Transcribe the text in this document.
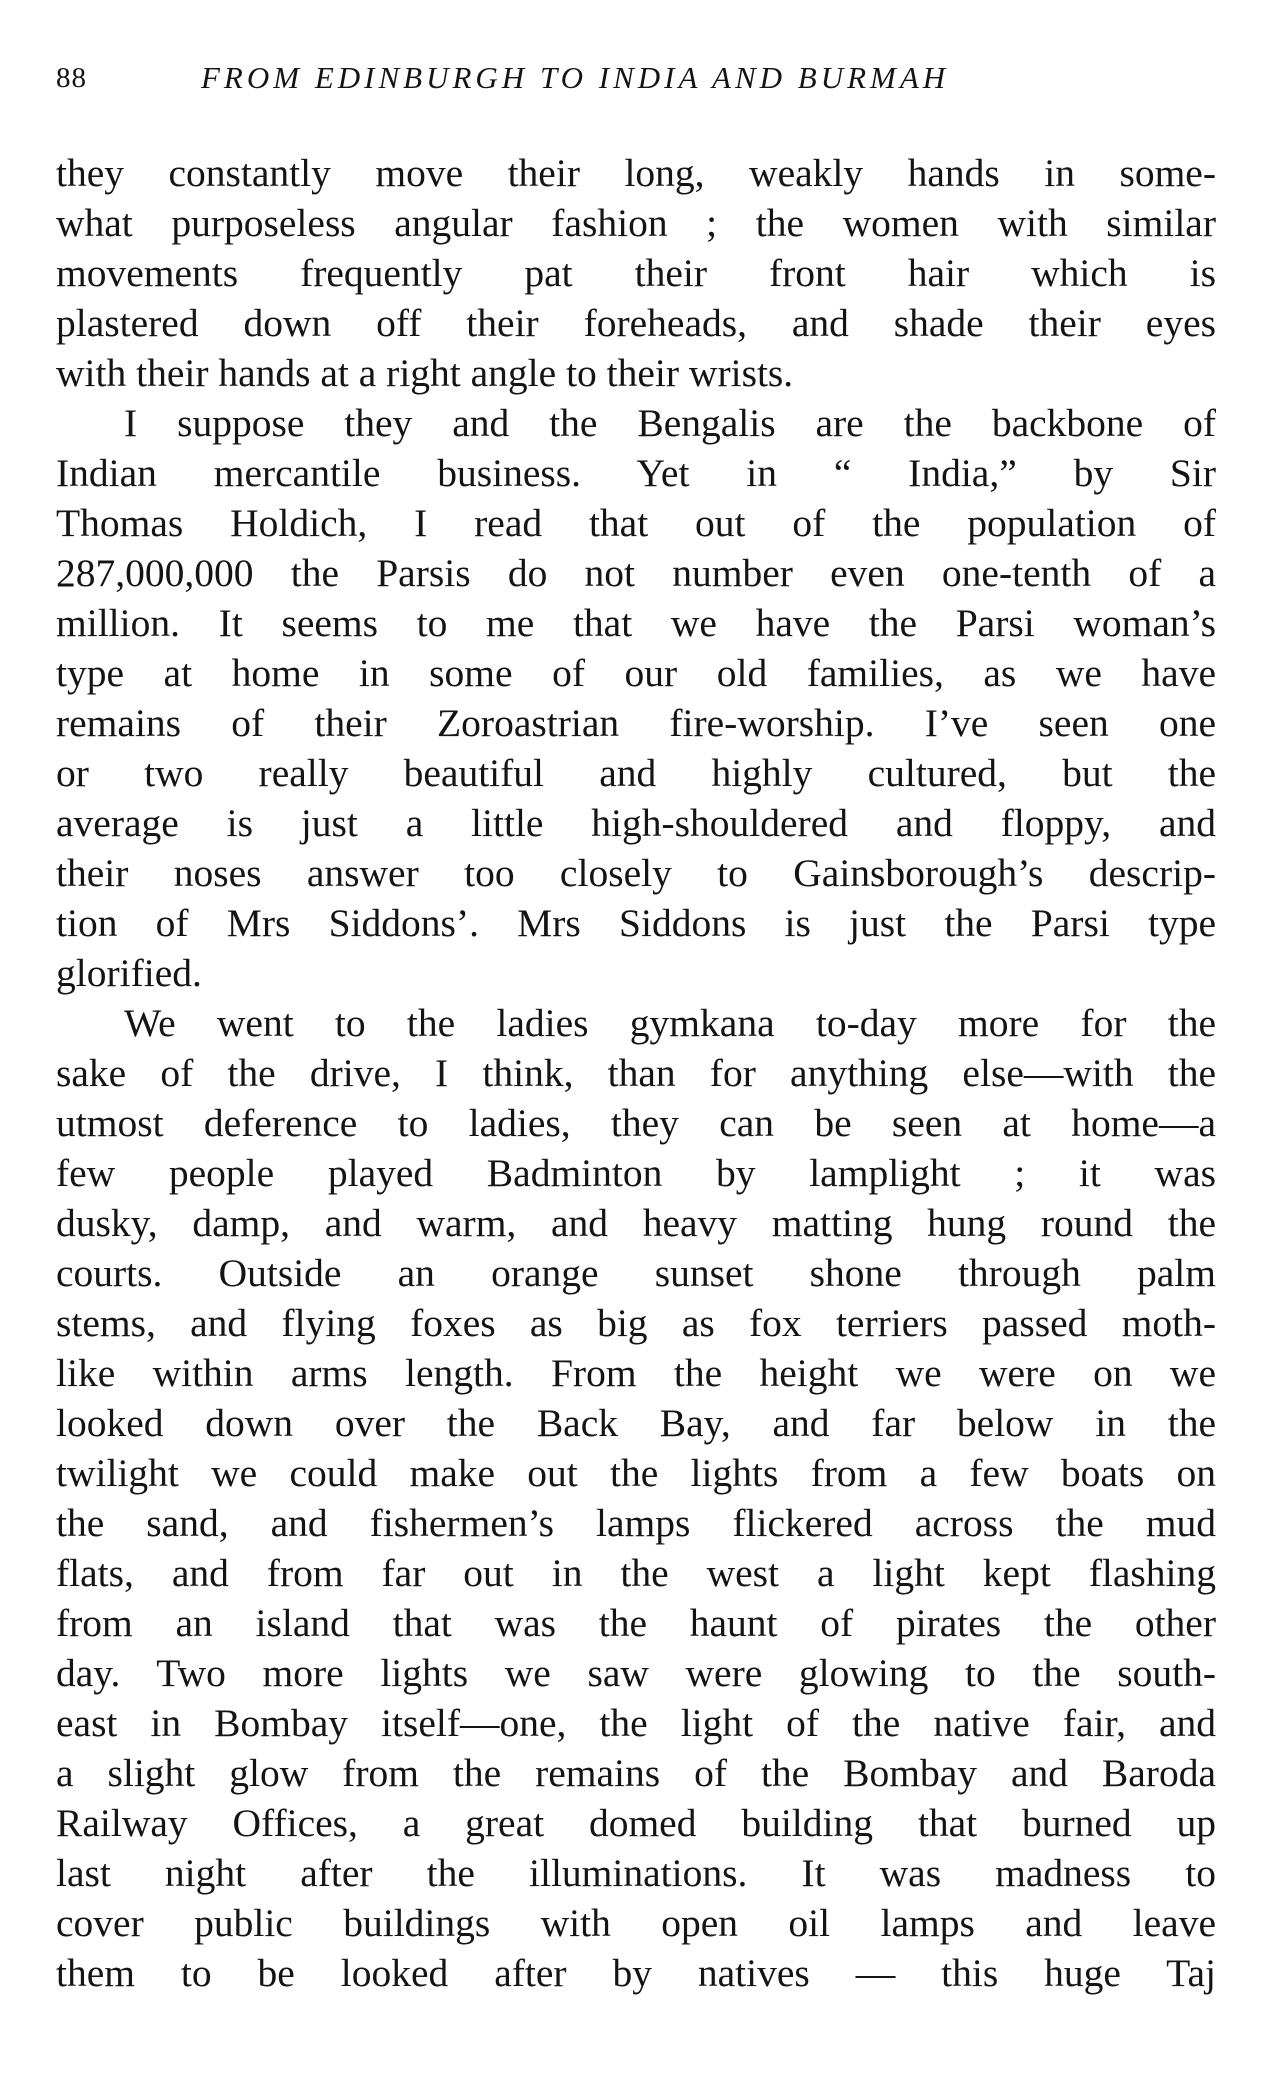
88	FROM EDINBURGH TO INDIA AND BURMAH
they constantly move their long, weakly hands in some-
what purposeless angular fashion ; the women with similar
movements frequently pat their front hair which is
plastered down off their foreheads, and shade their eyes
with their hands at a right angle to their wrists.
I suppose they and the Bengalis are the backbone of
Indian mercantile business. Yet in “ India,” by Sir
Thomas Holdich, I read that out of the population of
287,000,000 the Parsis do not number even one-tenth of a
million. It seems to me that we have the Parsi woman’s
type at home in some of our old families, as we have
remains of their Zoroastrian fire-worship. I’ve seen one
or two really beautiful and highly cultured, but the
average is just a little high-shouldered and floppy, and
their noses answer too closely to Gainsborough’s descrip-
tion of Mrs Siddons’. Mrs Siddons is just the Parsi type
glorified.
We went to the ladies gymkana to-day more for the
sake of the drive, I think, than for anything else—with the
utmost deference to ladies, they can be seen at home—a
few people played Badminton by lamplight ; it was
dusky, damp, and warm, and heavy matting hung round the
courts. Outside an orange sunset shone through palm
stems, and flying foxes as big as fox terriers passed moth-
like within arms length. From the height we were on we
looked down over the Back Bay, and far below in the
twilight we could make out the lights from a few boats on
the sand, and fishermen’s lamps flickered across the mud
flats, and from far out in the west a light kept flashing
from an island that was the haunt of pirates the other
day. Two more lights we saw were glowing to the south-
east in Bombay itself—one, the light of the native fair, and
a slight glow from the remains of the Bombay and Baroda
Railway Offices, a great domed building that burned up
last night after the illuminations. It was madness to
cover public buildings with open oil lamps and leave
them to be looked after by natives — this huge Taj
